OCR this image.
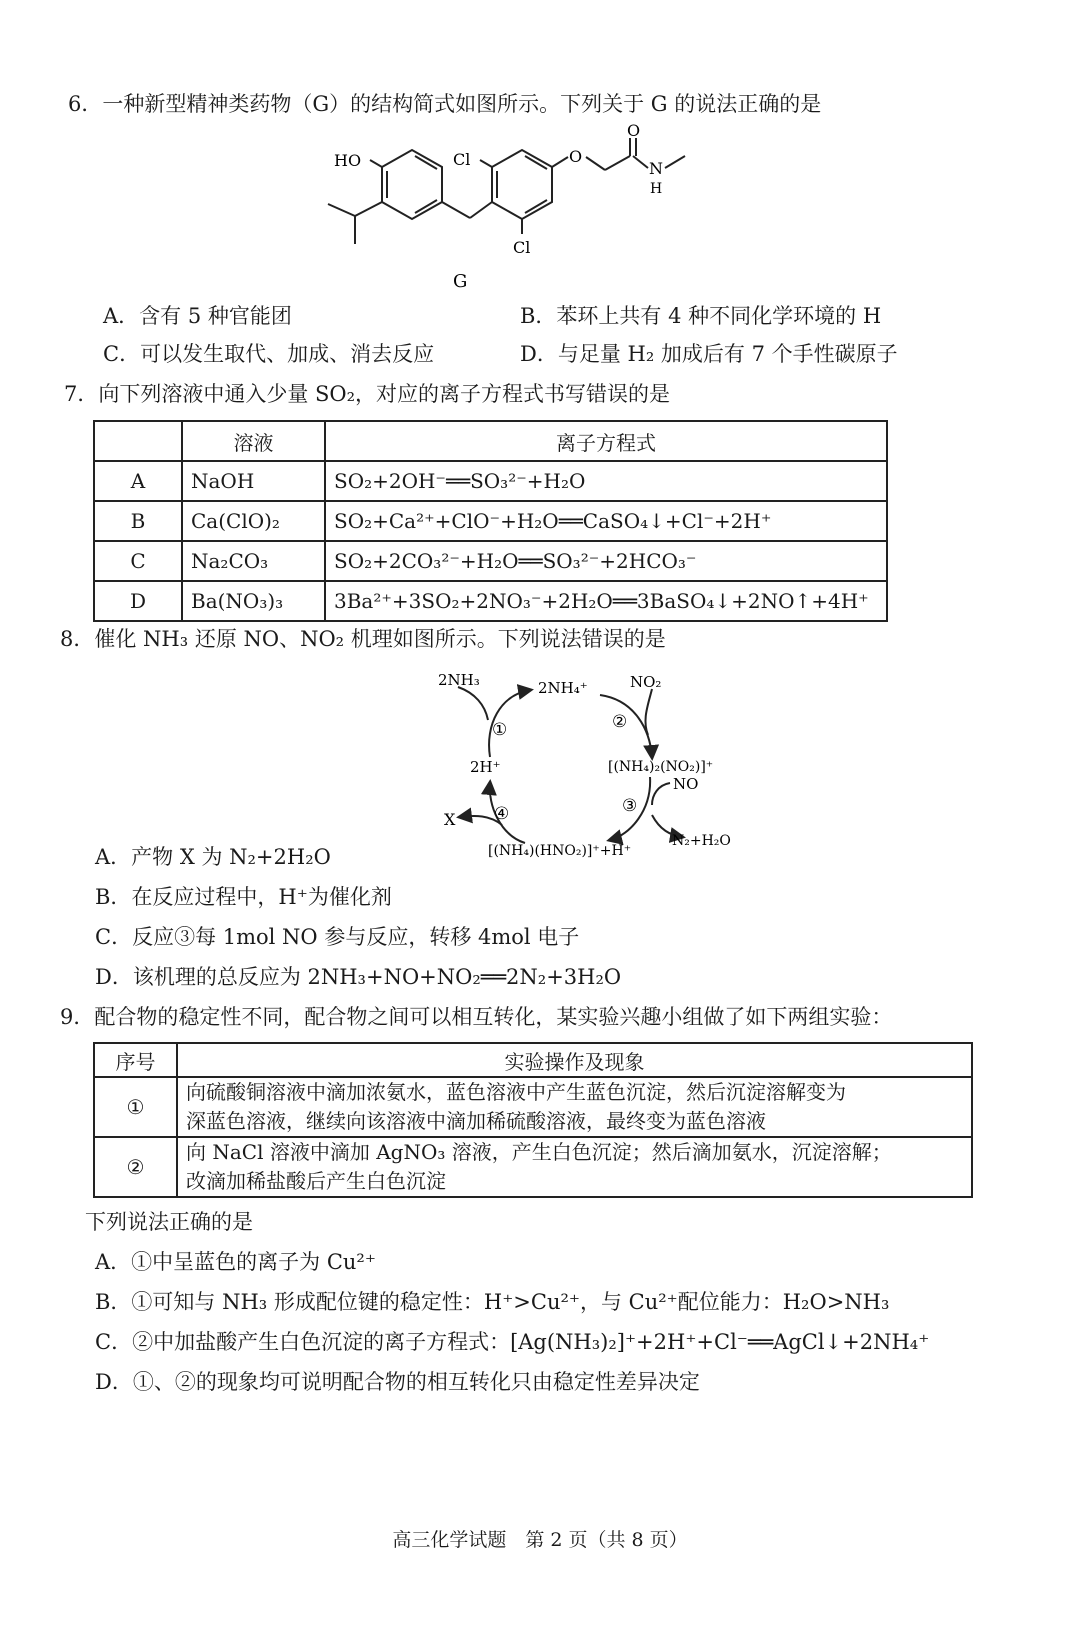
6．一种新型精神类药物（G）的结构简式如图所示。下列关于 G 的说法正确的是
HO	Cl
Cl
O
O
N
H
G
A．含有 5 种官能团	B．苯环上共有 4 种不同化学环境的 H
C．可以发生取代、加成、消去反应	D．与足量 H₂ 加成后有 7 个手性碳原子
7．向下列溶液中通入少量 SO₂，对应的离子方程式书写错误的是
	溶液	离子方程式
A	NaOH	SO₂+2OH⁻══SO₃²⁻+H₂O
B	Ca(ClO)₂	SO₂+Ca²⁺+ClO⁻+H₂O══CaSO₄↓+Cl⁻+2H⁺
C	Na₂CO₃	SO₂+2CO₃²⁻+H₂O══SO₃²⁻+2HCO₃⁻
D	Ba(NO₃)₃	3Ba²⁺+3SO₂+2NO₃⁻+2H₂O══3BaSO₄↓+2NO↑+4H⁺
8．催化 NH₃ 还原 NO、NO₂ 机理如图所示。下列说法错误的是
2NH₃	2NH₄⁺	NO₂
[(NH₄)₂(NO₂)]⁺
NO
N₂+H₂O
[(NH₄)(HNO₂)]⁺+H⁺
2H⁺
X
①	②
③
④
A．产物 X 为 N₂+2H₂O
B．在反应过程中，H⁺为催化剂
C．反应③每 1mol NO 参与反应，转移 4mol 电子
D．该机理的总反应为 2NH₃+NO+NO₂══2N₂+3H₂O
9．配合物的稳定性不同，配合物之间可以相互转化，某实验兴趣小组做了如下两组实验：
序号	实验操作及现象
①	向硫酸铜溶液中滴加浓氨水，蓝色溶液中产生蓝色沉淀，然后沉淀溶解变为
深蓝色溶液，继续向该溶液中滴加稀硫酸溶液，最终变为蓝色溶液

②	向 NaCl 溶液中滴加 AgNO₃ 溶液，产生白色沉淀；然后滴加氨水，沉淀溶解；
改滴加稀盐酸后产生白色沉淀
下列说法正确的是
A．①中呈蓝色的离子为 Cu²⁺
B．①可知与 NH₃ 形成配位键的稳定性：H⁺>Cu²⁺，与 Cu²⁺配位能力：H₂O>NH₃
C．②中加盐酸产生白色沉淀的离子方程式：[Ag(NH₃)₂]⁺+2H⁺+Cl⁻══AgCl↓+2NH₄⁺
D．①、②的现象均可说明配合物的相互转化只由稳定性差异决定
高三化学试题　第 2 页（共 8 页）
